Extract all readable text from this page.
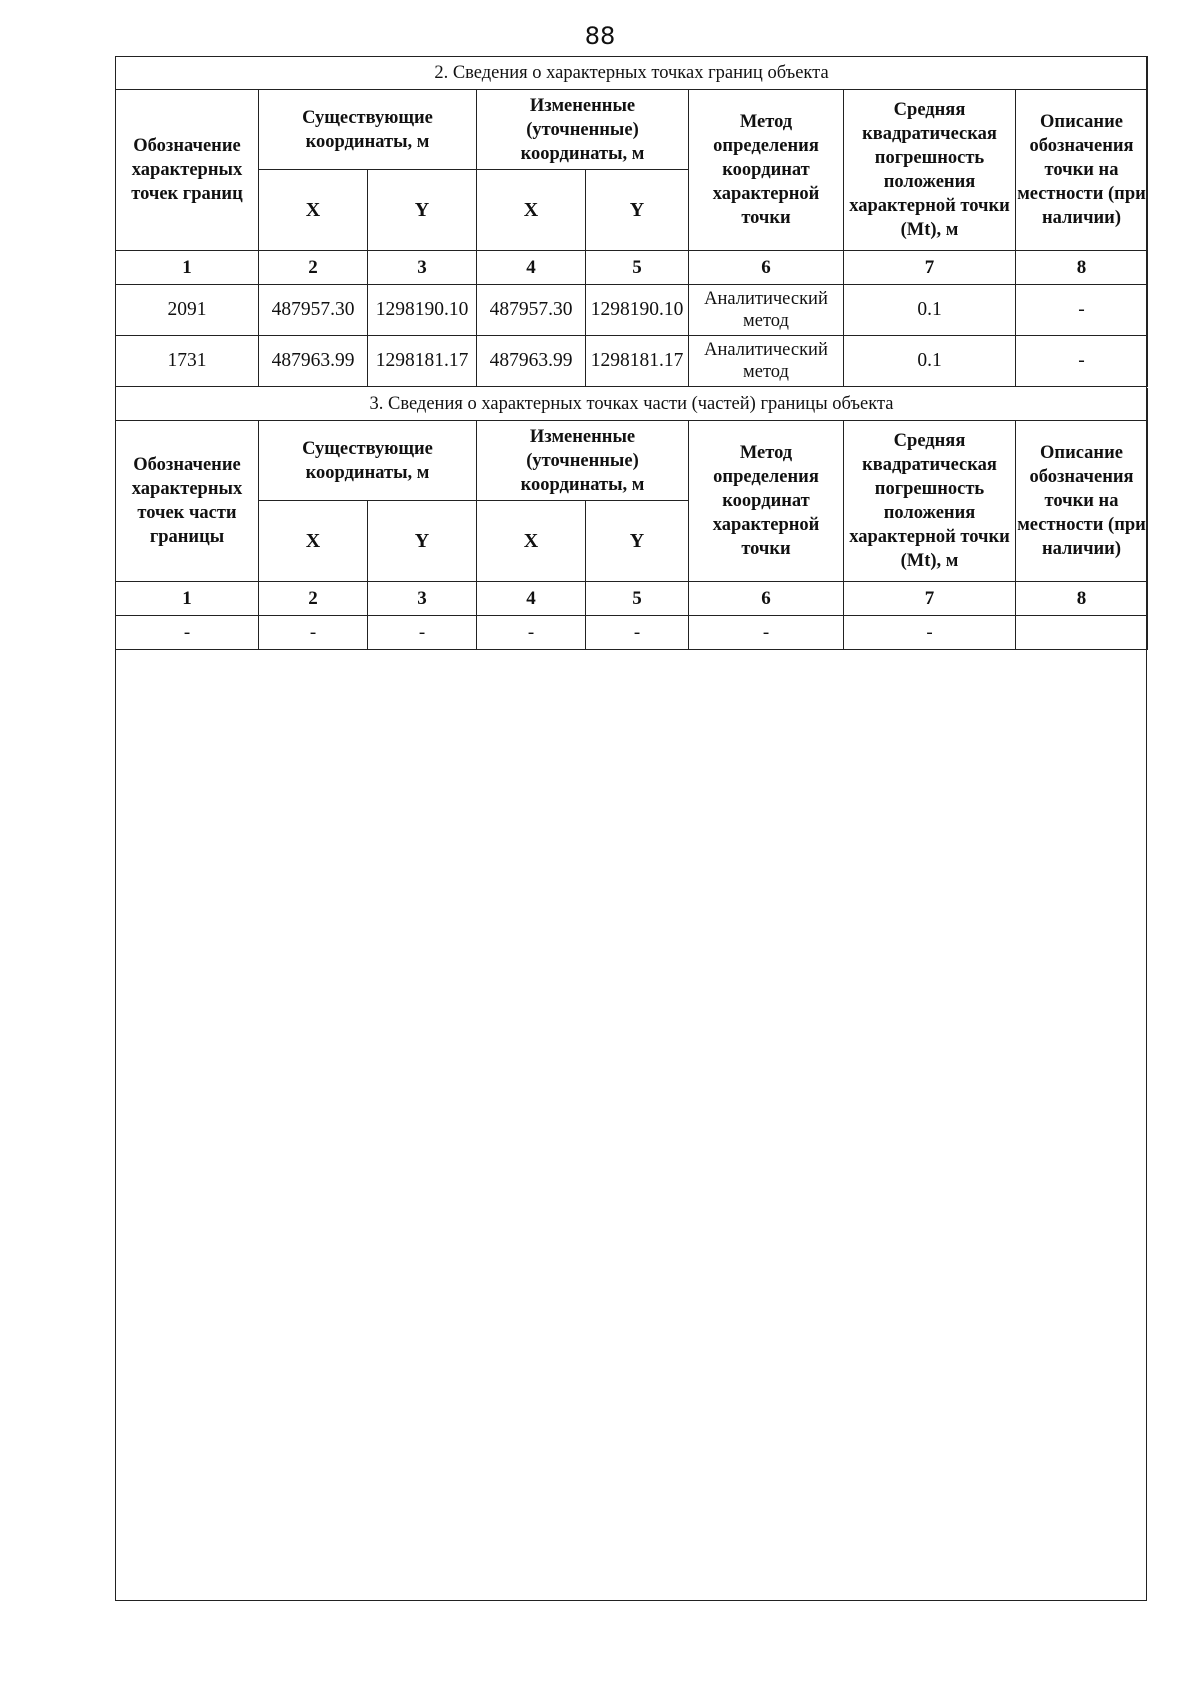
88
2. Сведения о характерных точках границ объекта							
Обозначение характерных точек границ	Существующие координаты, м		Измененные (уточненные) координаты, м		Метод определения координат характерной точки	Средняя квадратическая погрешность положения характерной точки (Mt), м	Описание обозначения точки на местности (при наличии)
	X	Y	X	Y			
1	2	3	4	5	6	7	8
2091	487957.30	1298190.10	487957.30	1298190.10	Аналитический метод	0.1	-
1731	487963.99	1298181.17	487963.99	1298181.17	Аналитический метод	0.1	-
3. Сведения о характерных точках части (частей) границы объекта							
Обозначение характерных точек части границы	Существующие координаты, м		Измененные (уточненные) координаты, м		Метод определения координат характерной точки	Средняя квадратическая погрешность положения характерной точки (Mt), м	Описание обозначения точки на местности (при наличии)
	X	Y	X	Y			
1	2	3	4	5	6	7	8
-	-	-	-	-	-	-	
